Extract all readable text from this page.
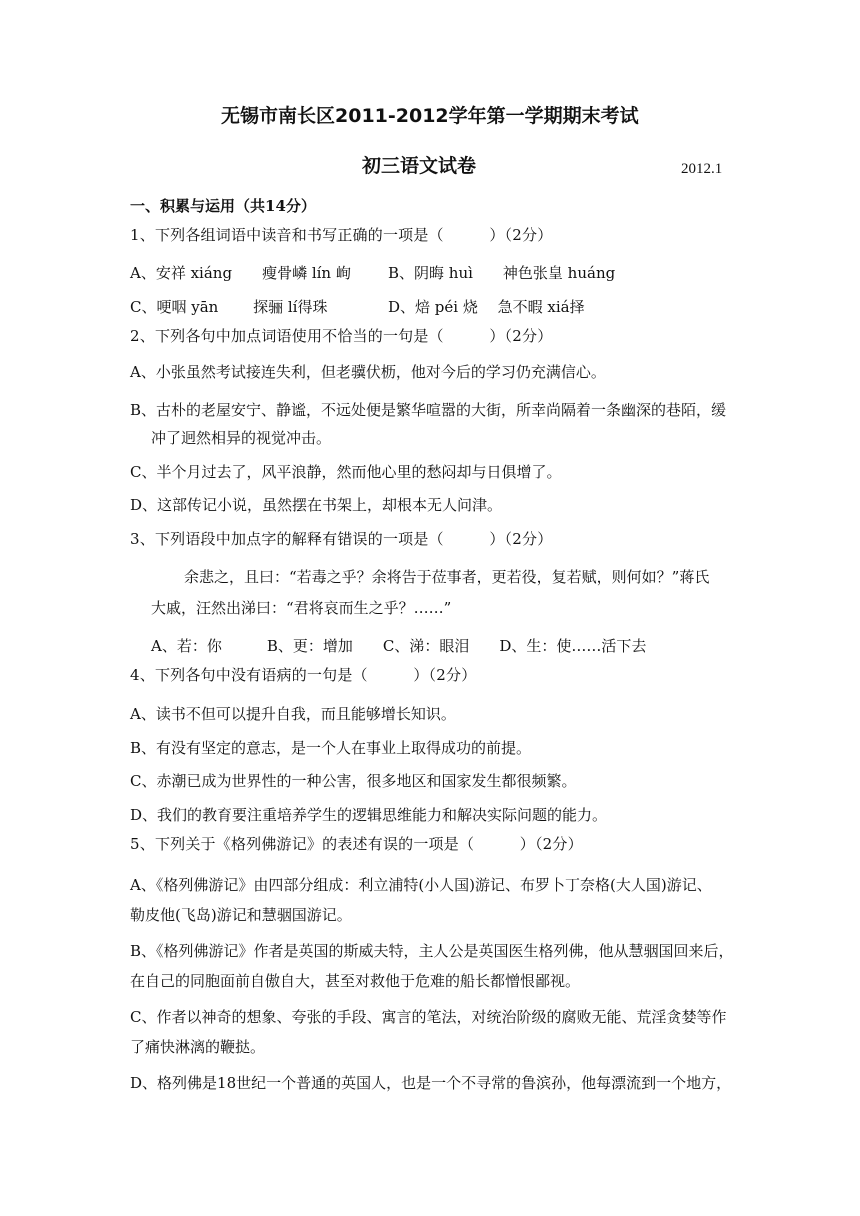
无锡市南长区2011-2012学年第一学期期末考试
初三语文试卷	2012.1
一、积累与运用（共14分）
1、下列各组词语中读音和书写正确的一项是（　　　）（2分）
A、安祥 xiáng　　瘦骨嶙 lín 峋 B、阴晦 huì　　神色张皇 huáng
C、哽咽 yān　　 探骊 lí得珠	D、焙 péi 烧　 急不暇 xiá择
2、下列各句中加点词语使用不恰当的一句是（　　　）（2分）
A、小张虽然考试接连失利，但老骥伏枥，他对今后的学习仍充满信心。
B、古朴的老屋安宁、静谧，不远处便是繁华喧嚣的大街，所幸尚隔着一条幽深的巷陌，缓
冲了迥然相异的视觉冲击。
C、半个月过去了，风平浪静，然而他心里的愁闷却与日俱增了。
D、这部传记小说，虽然摆在书架上，却根本无人问津。
3、下列语段中加点字的解释有错误的一项是（　　　）（2分）
余悲之，且曰：“若毒之乎？余将告于莅事者，更若役，复若赋，则何如？”蒋氏
大戚，汪然出涕曰：“君将哀而生之乎？……”
A、若：你　　　B、更：增加　　C、涕：眼泪　　D、生：使……活下去
4、下列各句中没有语病的一句是（　　　）（2分）
A、读书不但可以提升自我，而且能够增长知识。
B、有没有坚定的意志，是一个人在事业上取得成功的前提。
C、赤潮已成为世界性的一种公害，很多地区和国家发生都很频繁。
D、我们的教育要注重培养学生的逻辑思维能力和解决实际问题的能力。
5、下列关于《格列佛游记》的表述有误的一项是（　　　）（2分）
A、《格列佛游记》由四部分组成：利立浦特(小人国)游记、布罗卜丁奈格(大人国)游记、
勒皮他(飞岛)游记和慧骃国游记。
B、《格列佛游记》作者是英国的斯威夫特，主人公是英国医生格列佛，他从慧骃国回来后，
在自己的同胞面前自傲自大，甚至对救他于危难的船长都憎恨鄙视。
C、作者以神奇的想象、夸张的手段、寓言的笔法，对统治阶级的腐败无能、荒淫贪婪等作
了痛快淋漓的鞭挞。
D、格列佛是18世纪一个普通的英国人，也是一个不寻常的鲁滨孙，他每漂流到一个地方，
